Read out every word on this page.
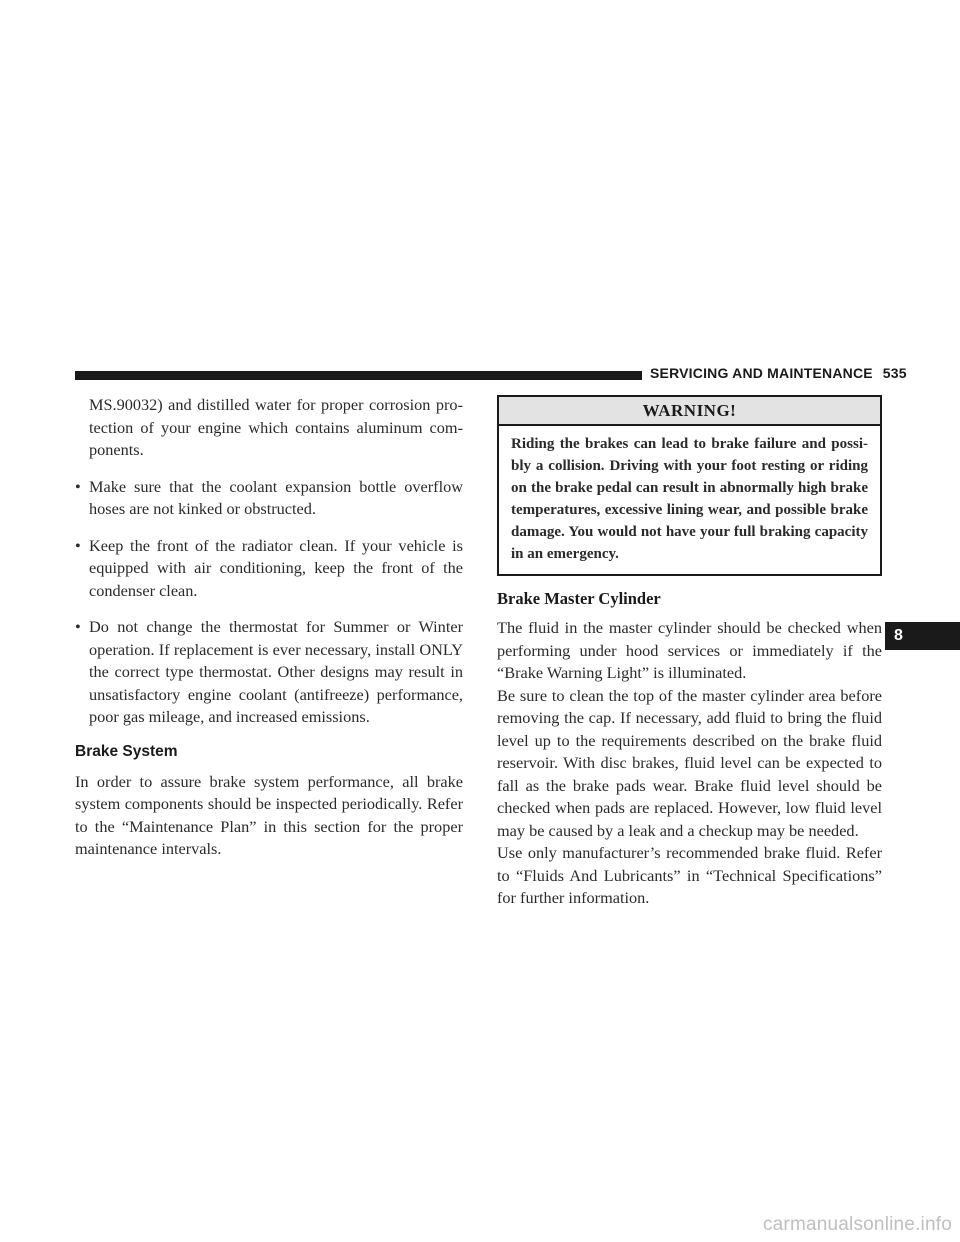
SERVICING AND MAINTENANCE 535
MS.90032) and distilled water for proper corrosion pro-tection of your engine which contains aluminum com-ponents.
• Make sure that the coolant expansion bottle overflow hoses are not kinked or obstructed.
• Keep the front of the radiator clean. If your vehicle is equipped with air conditioning, keep the front of the condenser clean.
• Do not change the thermostat for Summer or Winter operation. If replacement is ever necessary, install ONLY the correct type thermostat. Other designs may result in unsatisfactory engine coolant (antifreeze) performance, poor gas mileage, and increased emissions.
Brake System

In order to assure brake system performance, all brake system components should be inspected periodically. Refer to the “Maintenance Plan” in this section for the proper maintenance intervals.

WARNING!
Riding the brakes can lead to brake failure and possi-bly a collision. Driving with your foot resting or riding on the brake pedal can result in abnormally high brake temperatures, excessive lining wear, and possible brake damage. You would not have your full braking capacity in an emergency.
Brake Master Cylinder

The fluid in the master cylinder should be checked when performing under hood services or immediately if the “Brake Warning Light” is illuminated.

Be sure to clean the top of the master cylinder area before removing the cap. If necessary, add fluid to bring the fluid level up to the requirements described on the brake fluid reservoir. With disc brakes, fluid level can be expected to fall as the brake pads wear. Brake fluid level should be checked when pads are replaced. However, low fluid level may be caused by a leak and a checkup may be needed.

Use only manufacturer’s recommended brake fluid. Refer to “Fluids And Lubricants” in “Technical Specifications” for further information.

8
carmanualsonline.info
